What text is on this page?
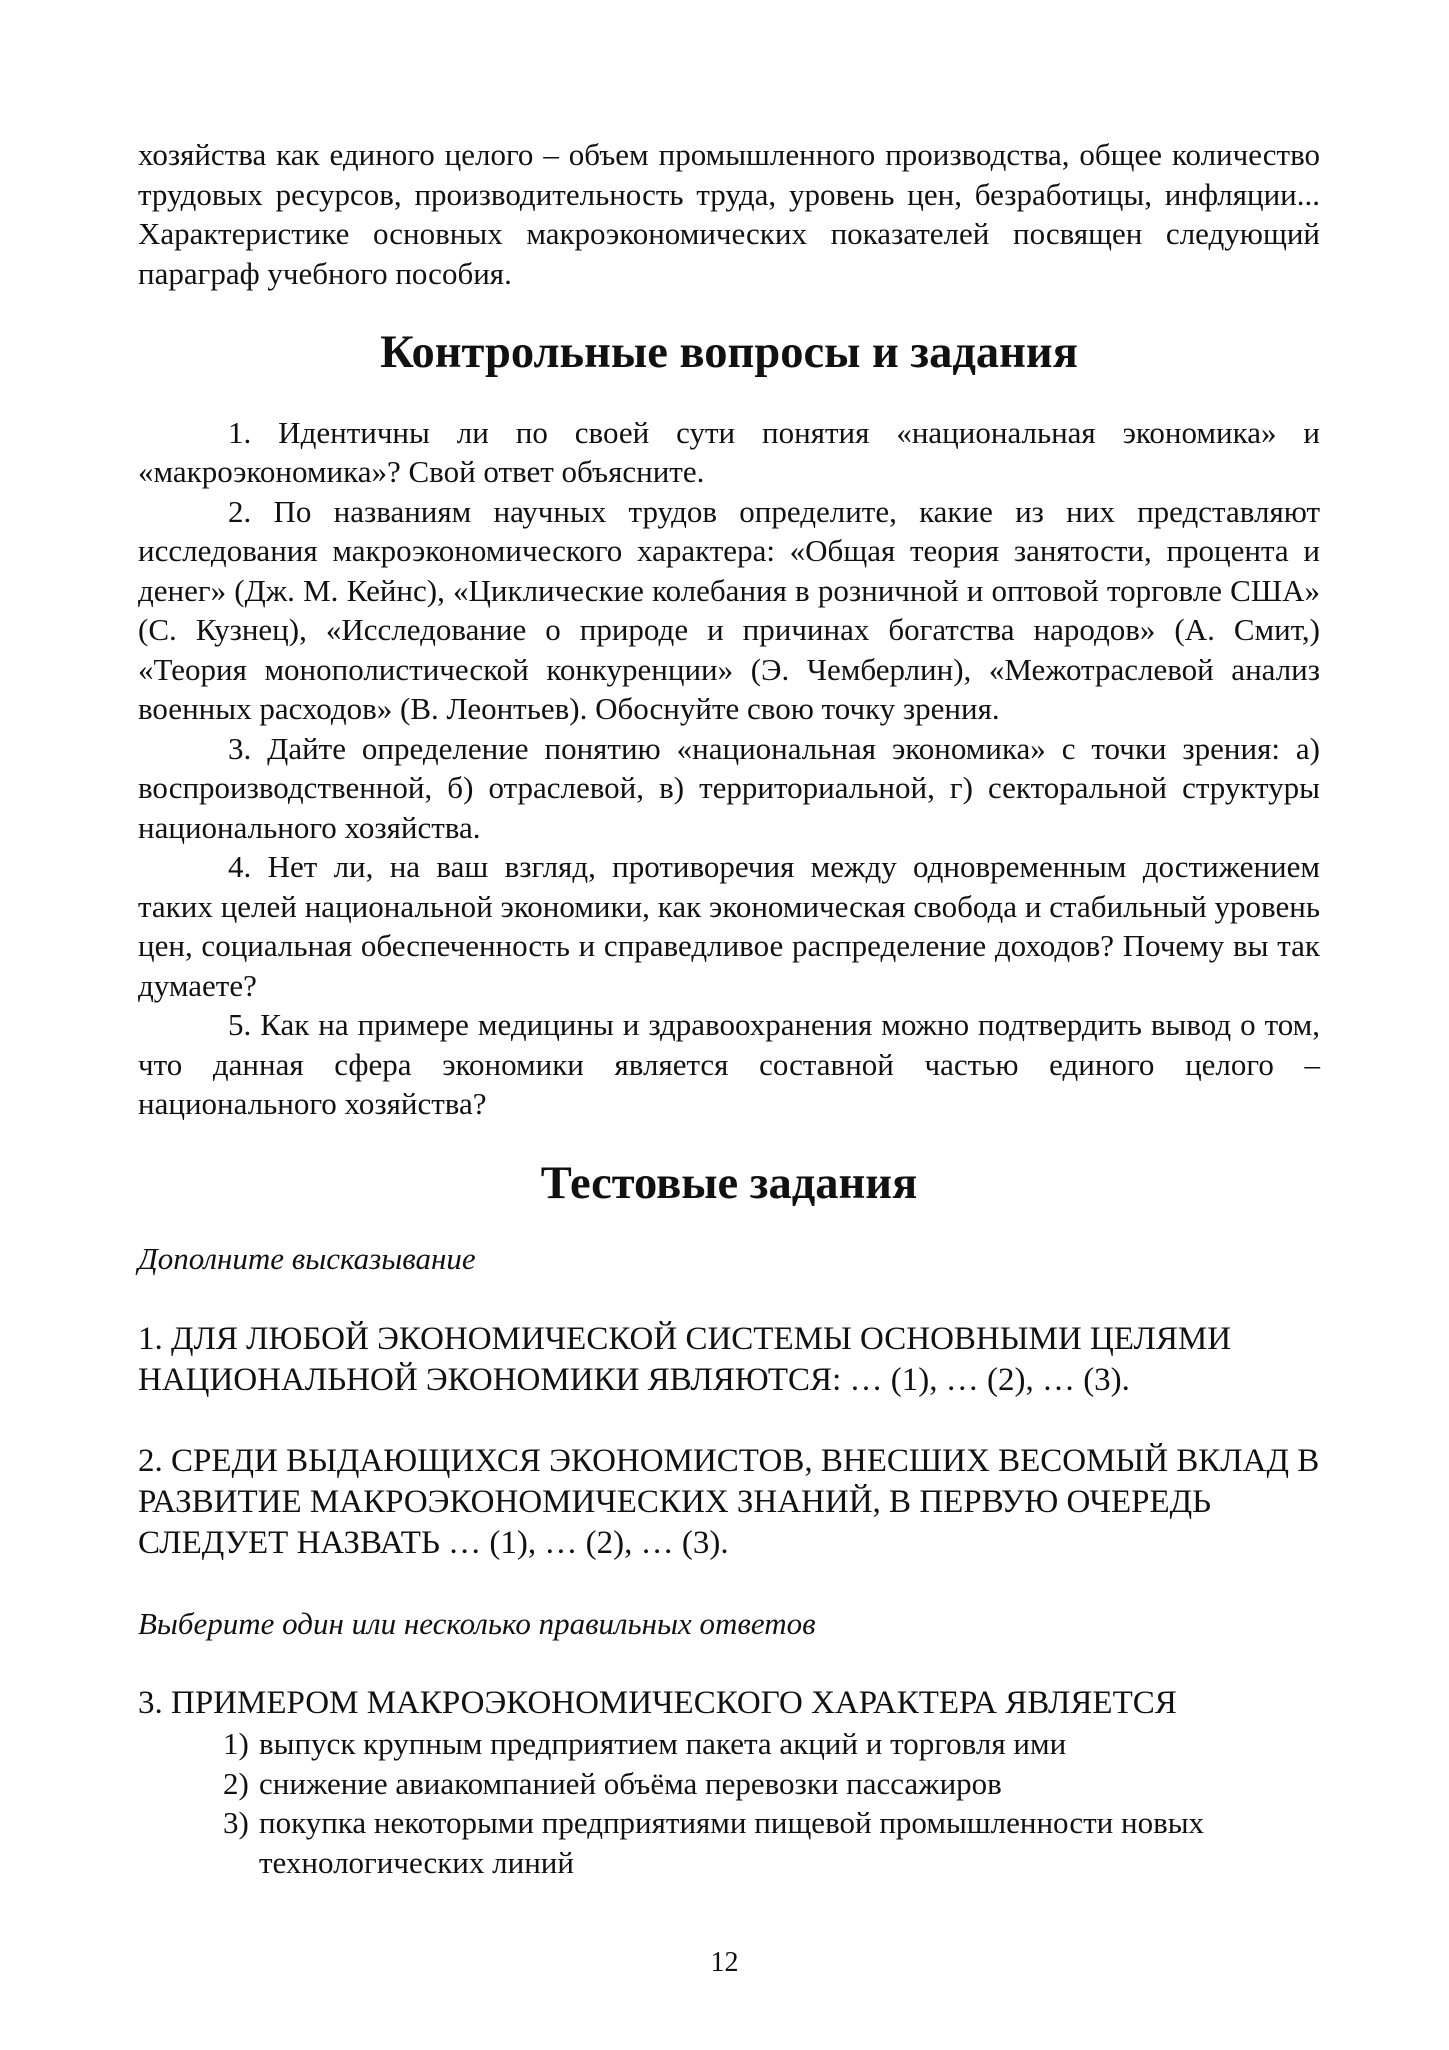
хозяйства как единого целого – объем промышленного производства, общее количество трудовых ресурсов, производительность труда, уровень цен, безработицы, инфляции... Характеристике основных макроэкономических показателей посвящен следующий параграф учебного пособия.

Контрольные вопросы и задания

1. Идентичны ли по своей сути понятия «национальная экономика» и «макроэкономика»? Свой ответ объясните.

2. По названиям научных трудов определите, какие из них представляют исследования макроэкономического характера: «Общая теория занятости, процента и денег» (Дж. М. Кейнс), «Циклические колебания в розничной и оптовой торговле США» (С. Кузнец), «Исследование о природе и причинах богатства народов» (А. Смит,) «Теория монополистической конкуренции» (Э. Чемберлин), «Межотраслевой анализ военных расходов» (В. Леонтьев). Обоснуйте свою точку зрения.

3. Дайте определение понятию «национальная экономика» с точки зрения: а) воспроизводственной, б) отраслевой, в) территориальной, г) секторальной структуры национального хозяйства.

4. Нет ли, на ваш взгляд, противоречия между одновременным достижением таких целей национальной экономики, как экономическая свобода и стабильный уровень цен, социальная обеспеченность и справедливое распределение доходов? Почему вы так думаете?

5. Как на примере медицины и здравоохранения можно подтвердить вывод о том, что данная сфера экономики является составной частью единого целого – национального хозяйства?

Тестовые задания

Дополните высказывание

1. ДЛЯ ЛЮБОЙ ЭКОНОМИЧЕСКОЙ СИСТЕМЫ ОСНОВНЫМИ ЦЕЛЯМИ НАЦИОНАЛЬНОЙ ЭКОНОМИКИ ЯВЛЯЮТСЯ: … (1), … (2), … (3).

2. СРЕДИ ВЫДАЮЩИХСЯ ЭКОНОМИСТОВ, ВНЕСШИХ ВЕСОМЫЙ ВКЛАД В РАЗВИТИЕ МАКРОЭКОНОМИЧЕСКИХ ЗНАНИЙ, В ПЕРВУЮ ОЧЕРЕДЬ СЛЕДУЕТ НАЗВАТЬ … (1), … (2), … (3).

Выберите один или несколько правильных ответов

3. ПРИМЕРОМ МАКРОЭКОНОМИЧЕСКОГО ХАРАКТЕРА ЯВЛЯЕТСЯ

1) выпуск крупным предприятием пакета акций и торговля ими
2) снижение авиакомпанией объёма перевозки пассажиров
3) покупка некоторыми предприятиями пищевой промышленности новых технологических линий
12
